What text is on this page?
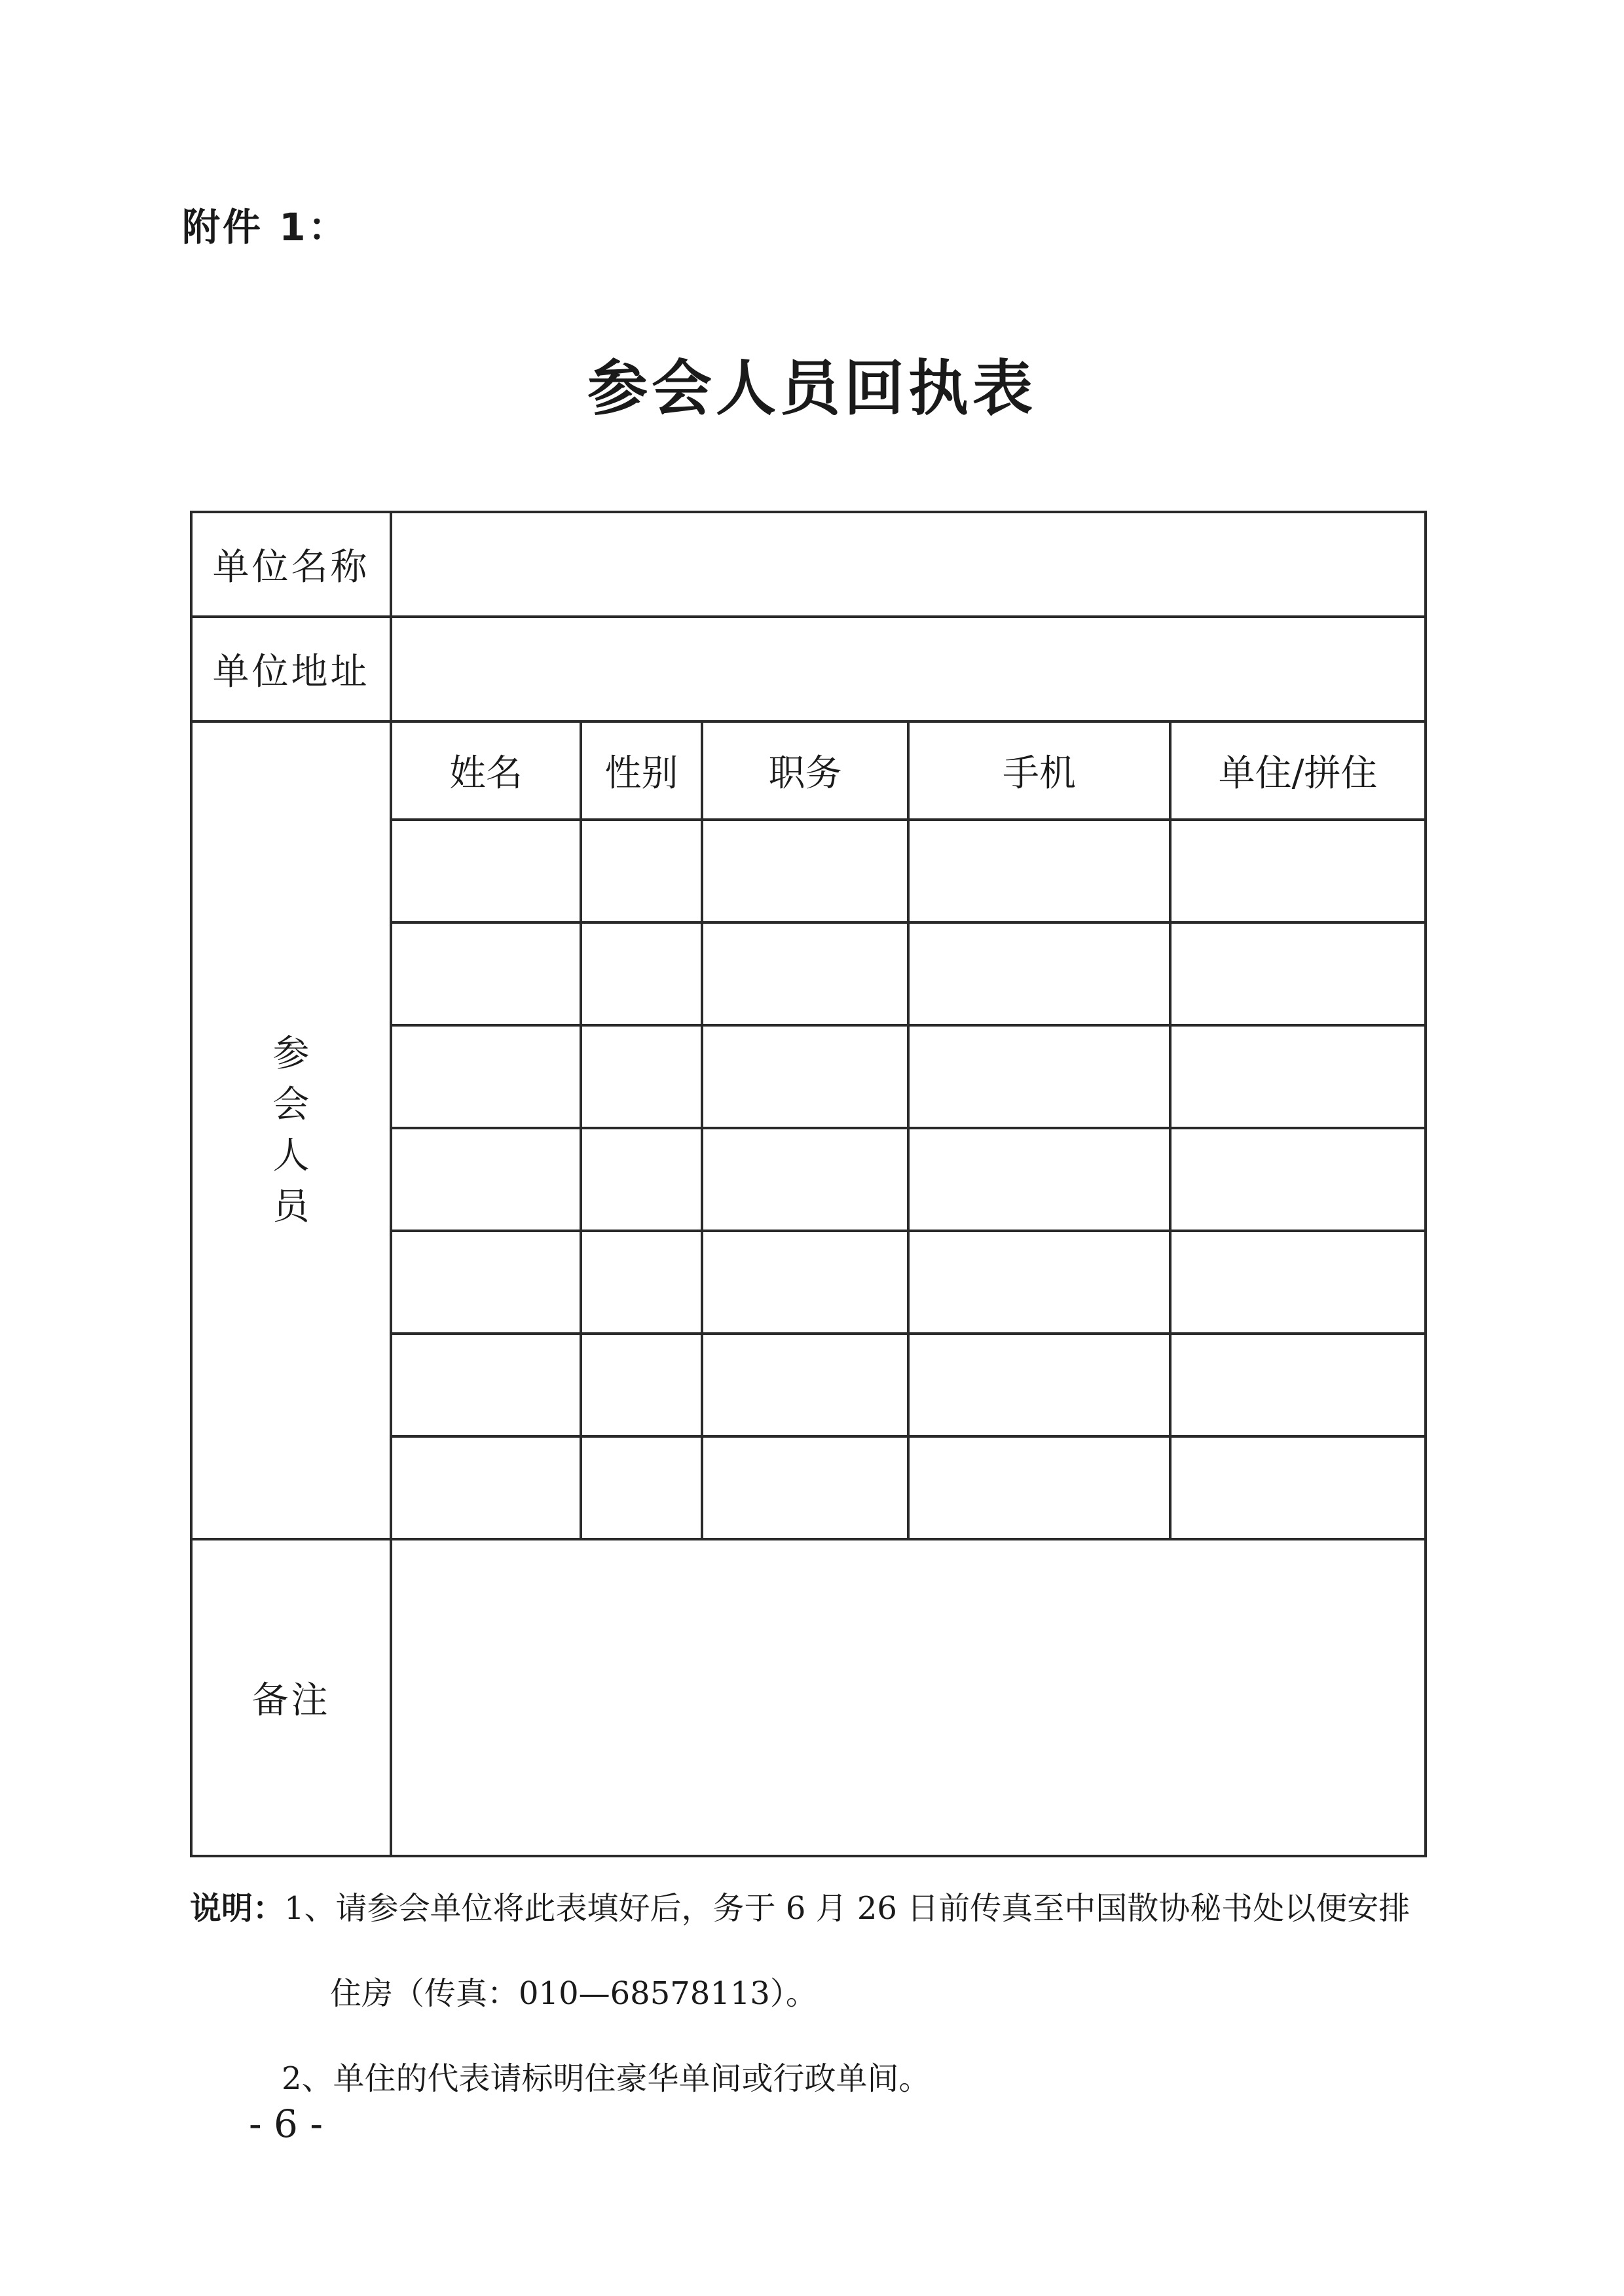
附件 1：
参会人员回执表
单位名称					
单位地址					
参会人员	姓名	性别	职务	手机	单住/拼住

备注					
说明：1、请参会单位将此表填好后，务于 6 月 26 日前传真至中国散协秘书处以便安排
住房（传真：010—68578113）。
2、单住的代表请标明住豪华单间或行政单间。
- 6 -
